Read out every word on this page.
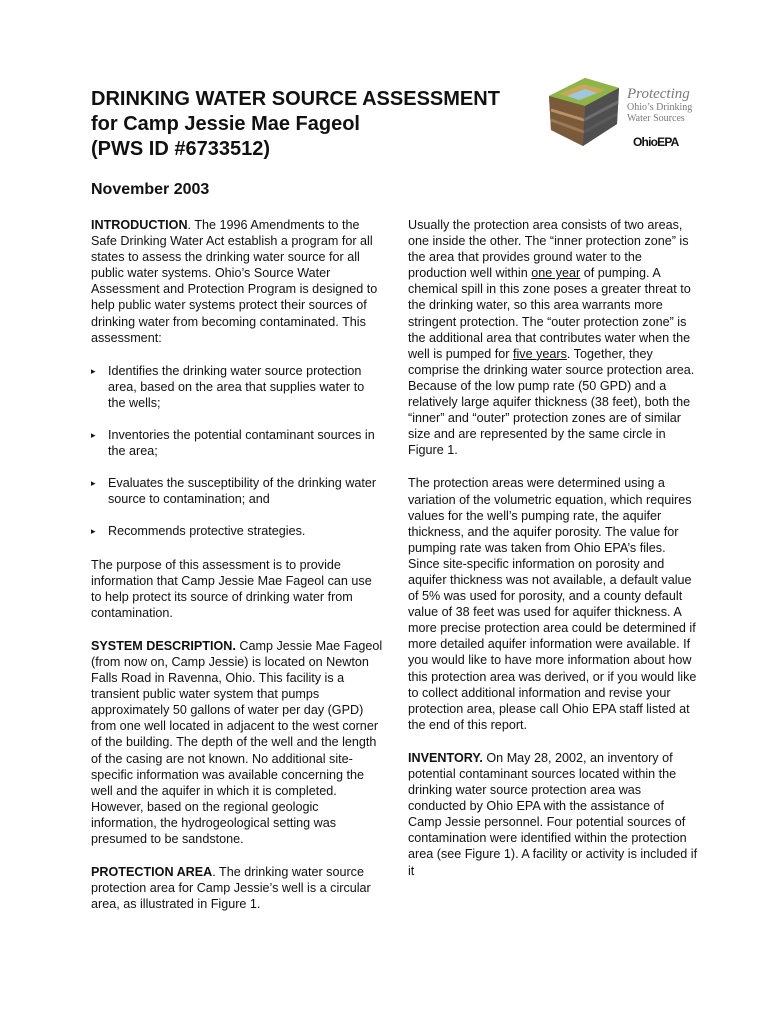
DRINKING WATER SOURCE ASSESSMENT
for Camp Jessie Mae Fageol
(PWS ID #6733512)
November 2003
Protecting
Ohio’s Drinking
Water Sources
OhioEPA

INTRODUCTION. The 1996 Amendments to the Safe Drinking Water Act establish a program for all states to assess the drinking water source for all public water systems. Ohio’s Source Water Assessment and Protection Program is designed to help public water systems protect their sources of drinking water from becoming contaminated. This assessment:

▸ Identifies the drinking water source protection area, based on the area that supplies water to the wells;
▸ Inventories the potential contaminant sources in the area;
▸ Evaluates the susceptibility of the drinking water source to contamination; and
▸ Recommends protective strategies.

The purpose of this assessment is to provide information that Camp Jessie Mae Fageol can use to help protect its source of drinking water from contamination.

SYSTEM DESCRIPTION. Camp Jessie Mae Fageol (from now on, Camp Jessie) is located on Newton Falls Road in Ravenna, Ohio. This facility is a transient public water system that pumps approximately 50 gallons of water per day (GPD) from one well located in adjacent to the west corner of the building. The depth of the well and the length of the casing are not known. No additional site-specific information was available concerning the well and the aquifer in which it is completed. However, based on the regional geologic information, the hydrogeological setting was presumed to be sandstone.

PROTECTION AREA. The drinking water source protection area for Camp Jessie’s well is a circular area, as illustrated in Figure 1.

Usually the protection area consists of two areas, one inside the other. The “inner protection zone” is the area that provides ground water to the production well within one year of pumping. A chemical spill in this zone poses a greater threat to the drinking water, so this area warrants more stringent protection. The “outer protection zone” is the additional area that contributes water when the well is pumped for five years. Together, they comprise the drinking water source protection area. Because of the low pump rate (50 GPD) and a relatively large aquifer thickness (38 feet), both the “inner” and “outer” protection zones are of similar size and are represented by the same circle in Figure 1.

The protection areas were determined using a variation of the volumetric equation, which requires values for the well’s pumping rate, the aquifer thickness, and the aquifer porosity. The value for pumping rate was taken from Ohio EPA’s files. Since site-specific information on porosity and aquifer thickness was not available, a default value of 5% was used for porosity, and a county default value of 38 feet was used for aquifer thickness. A more precise protection area could be determined if more detailed aquifer information were available. If you would like to have more information about how this protection area was derived, or if you would like to collect additional information and revise your protection area, please call Ohio EPA staff listed at the end of this report.

INVENTORY. On May 28, 2002, an inventory of potential contaminant sources located within the drinking water source protection area was conducted by Ohio EPA with the assistance of Camp Jessie personnel. Four potential sources of contamination were identified within the protection area (see Figure 1). A facility or activity is included if it
